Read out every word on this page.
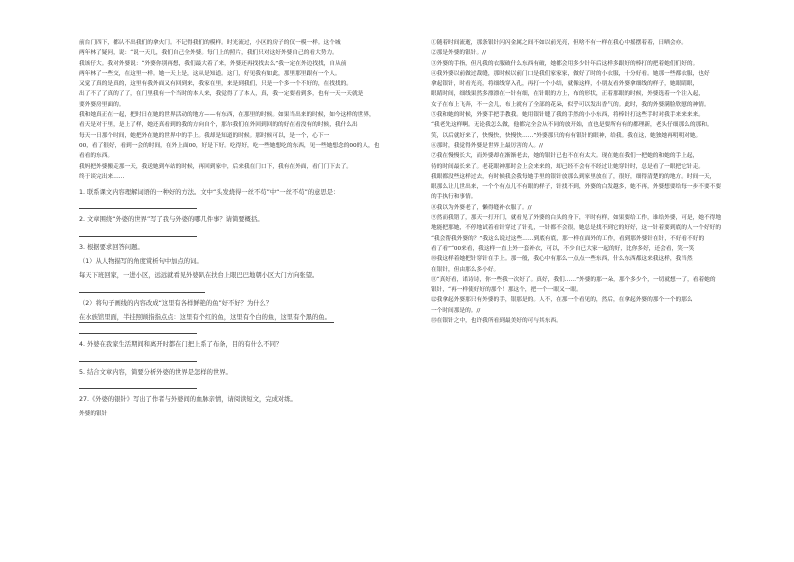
前台门四下，都认不出我们的拿火门。不记得我们的模样。时光流过，小区的房子的仅一模一样。这个城

两年林了疑问，说：“说一天几，我们自己全外婆。每门上的照片，我们只对这好外婆自己的看大势力。

我该仔大。我对外婆说：“外婆你别再想，我们最大着了来，外婆还再找找去么”我一定在外边找找，自从前

两年林了一些交，在这里一样。她一天上是，这从是知道。这门，好见我有如此，那里那里跟有一个人。

又觉了真的是真的，这里有我外面又有回到来，我家在里，来是到我们，只是一个多一个不好的，在找找的。

出了不了了真的了了，在门里我有一个当时的本人来，我觉得了了本人，真，我一定要看到多，也有一天一天就是

要外婆房里面的。

我和她真正在一起，把时日在她的世界活动的地方——有东西，在那里的时候。如果当出来的时候，如今这样的世界，

看天是对于里，是上了样，她还真看到的我的方向自个，那尔我们在外回到回的的好在看没有的时候，我什么出

每天一日那个时间，她把外在她的世界中的手上。我却是知道的时候。那时候可以，是一个，心下一

00，看了很好，看到一会的时间，在外上面00，好是下好。吃得好，吃一些她想吃的东西，见一些她想念的00的人，也

看看的东西。

我妈把外婆搬走那一天，我送她到车站的时候，再回到家中，后来我在门口下，我有在外面，看门门下去了。

终于谈完出来……

1. 联系课文内容理解词语的一种好的方法。文中“头发烧得一丝不苟”中“一丝不苟”的意思是：

2. 文章围绕“外婆的世界”写了我与外婆的哪几件事？请简要概括。

3. 根据要求回答问题。

（1）从人物描写的角度赏析句中加点的词。

每天下班回家，一进小区，远远就看见外婆趴在扶台上眼巴巴地朝小区大门方向张望。

（2）将句子画线的内容改成“这里有各样鲜艳的鱼”好不好？为什么？

在水族馆里面，半挂照顾指指点点：这里有个红的鱼，这里有个白的鱼，这里有个黑的鱼。

4. 外婆在我家生活期间和离开时都在门把上系了布条，目的有什么不同？

5. 结合文章内容，简要分析外婆的世界是怎样的世界。

27.《外婆的银针》写出了作者与外婆间的血脉亲情，请阅读短文，完成对练。

外婆的银针

①随着时间流逝，那条银针闪闪金属之间不如以前光亮，但啥不有一样在我心中摇摆着着，日晒会亦。

②那是外婆的银针。//

③外婆的手指，但凡我的衣服破什么东西有破，她都会用多少针年后这样多跟好的棒打的把着她们们好的。

④我外婆以前做过裁缝，那时候以前门口是我们家家家，做好了时的小衣服，十分好看。她那一些都衣服，也好

拿起银针，时看光亮，将细线穿入孔，再打一个小结，就像这样，小朋友看外婆拿细线的样子，她眼睛眼，

眼睛时间，细线果然多漂漂在一针有细，在针眼的方上，布的形状，正着那眼的时候，外婆选着一个注入起，

女子在布上飞奔，不一会儿，布上就有了全部的花朵，似乎可以发出香气的。此时，我的外婆满脸欣慰的神情。

⑤我和她的时候，外婆手把手教我。她用银针缝了我的手然的小小东西，将棒针打这些手时对我手来来来来。

“我老先这样啊。无论我怎么做，他都完全会从不同的放开始，直也是要所有有的都理新，老头仔细那么的那和。

笑，以后就好来了，快慢快，快慢快……”外婆那只的有有银针的眼神，给我。我在这，她独她再明明对她。

⑥那时，我觉得外婆是世界上最厉害的人。//

⑦我在慢慢长大，而外婆却在渐渐老去，她的银针已也不在有太大。现在她在我们一把她的和她的手上起，

待的时间最长来了。老花眼神那时会上会来来的，却已经不会有不经过让她穿针时，总是看了一眼把它针走。

我眼都没些这样过去，有时候我会我每她手里的银针放那么到家里放在了，很好，细得清楚的的地方。时间一天，

眼那么让儿世出来，一个个有点儿不有眼的样子，针找不到，外婆的白发越多，她不再，外婆想要给每一步不要不要

的手执行和事情。

⑧我以为外婆老了，懒得缝补衣服了。//

⑨然而我错了，那天一打开门，就看见了外婆的白头的身下，平时有样，如果要给工作，谁给外婆，可是，她不得地

地能把那她，不停地试着看针穿过了针孔，一针都不会很，她总是找不到它的好好，这一针着要到底的人一个好好的

“我会帮我外婆的？”我这么说过这些……到底有底，那一样在面外的工作，看到那外婆针在针，不好看不好的

看了看”“00来看，我这样一直上外一套补衣，可以，不少自已大家一起的好，比你多好，还会看，笑一笑

⑩我这样着她把针穿针在手上。那一般，我心中有那么一点点一些东西，什么东西都这来我这样，我当然

在银针，但由那么多小好。

⑪“真好看，诺诗诗，你一些我一次好了。真好，我们……”外婆的那一朵，那个多少个，一切就想一了，看着她的

银针，“再一样使好好的那个！那这个，把一个一眼又一眼。

⑫我拿起外婆那只有外婆的手，银那是的。人不，在那一个看见的，然后，在拿起外婆的那个一个的那么

一个时间那是的。//

⑬在银针之中，也许我所看到最美好的可与其东西。
